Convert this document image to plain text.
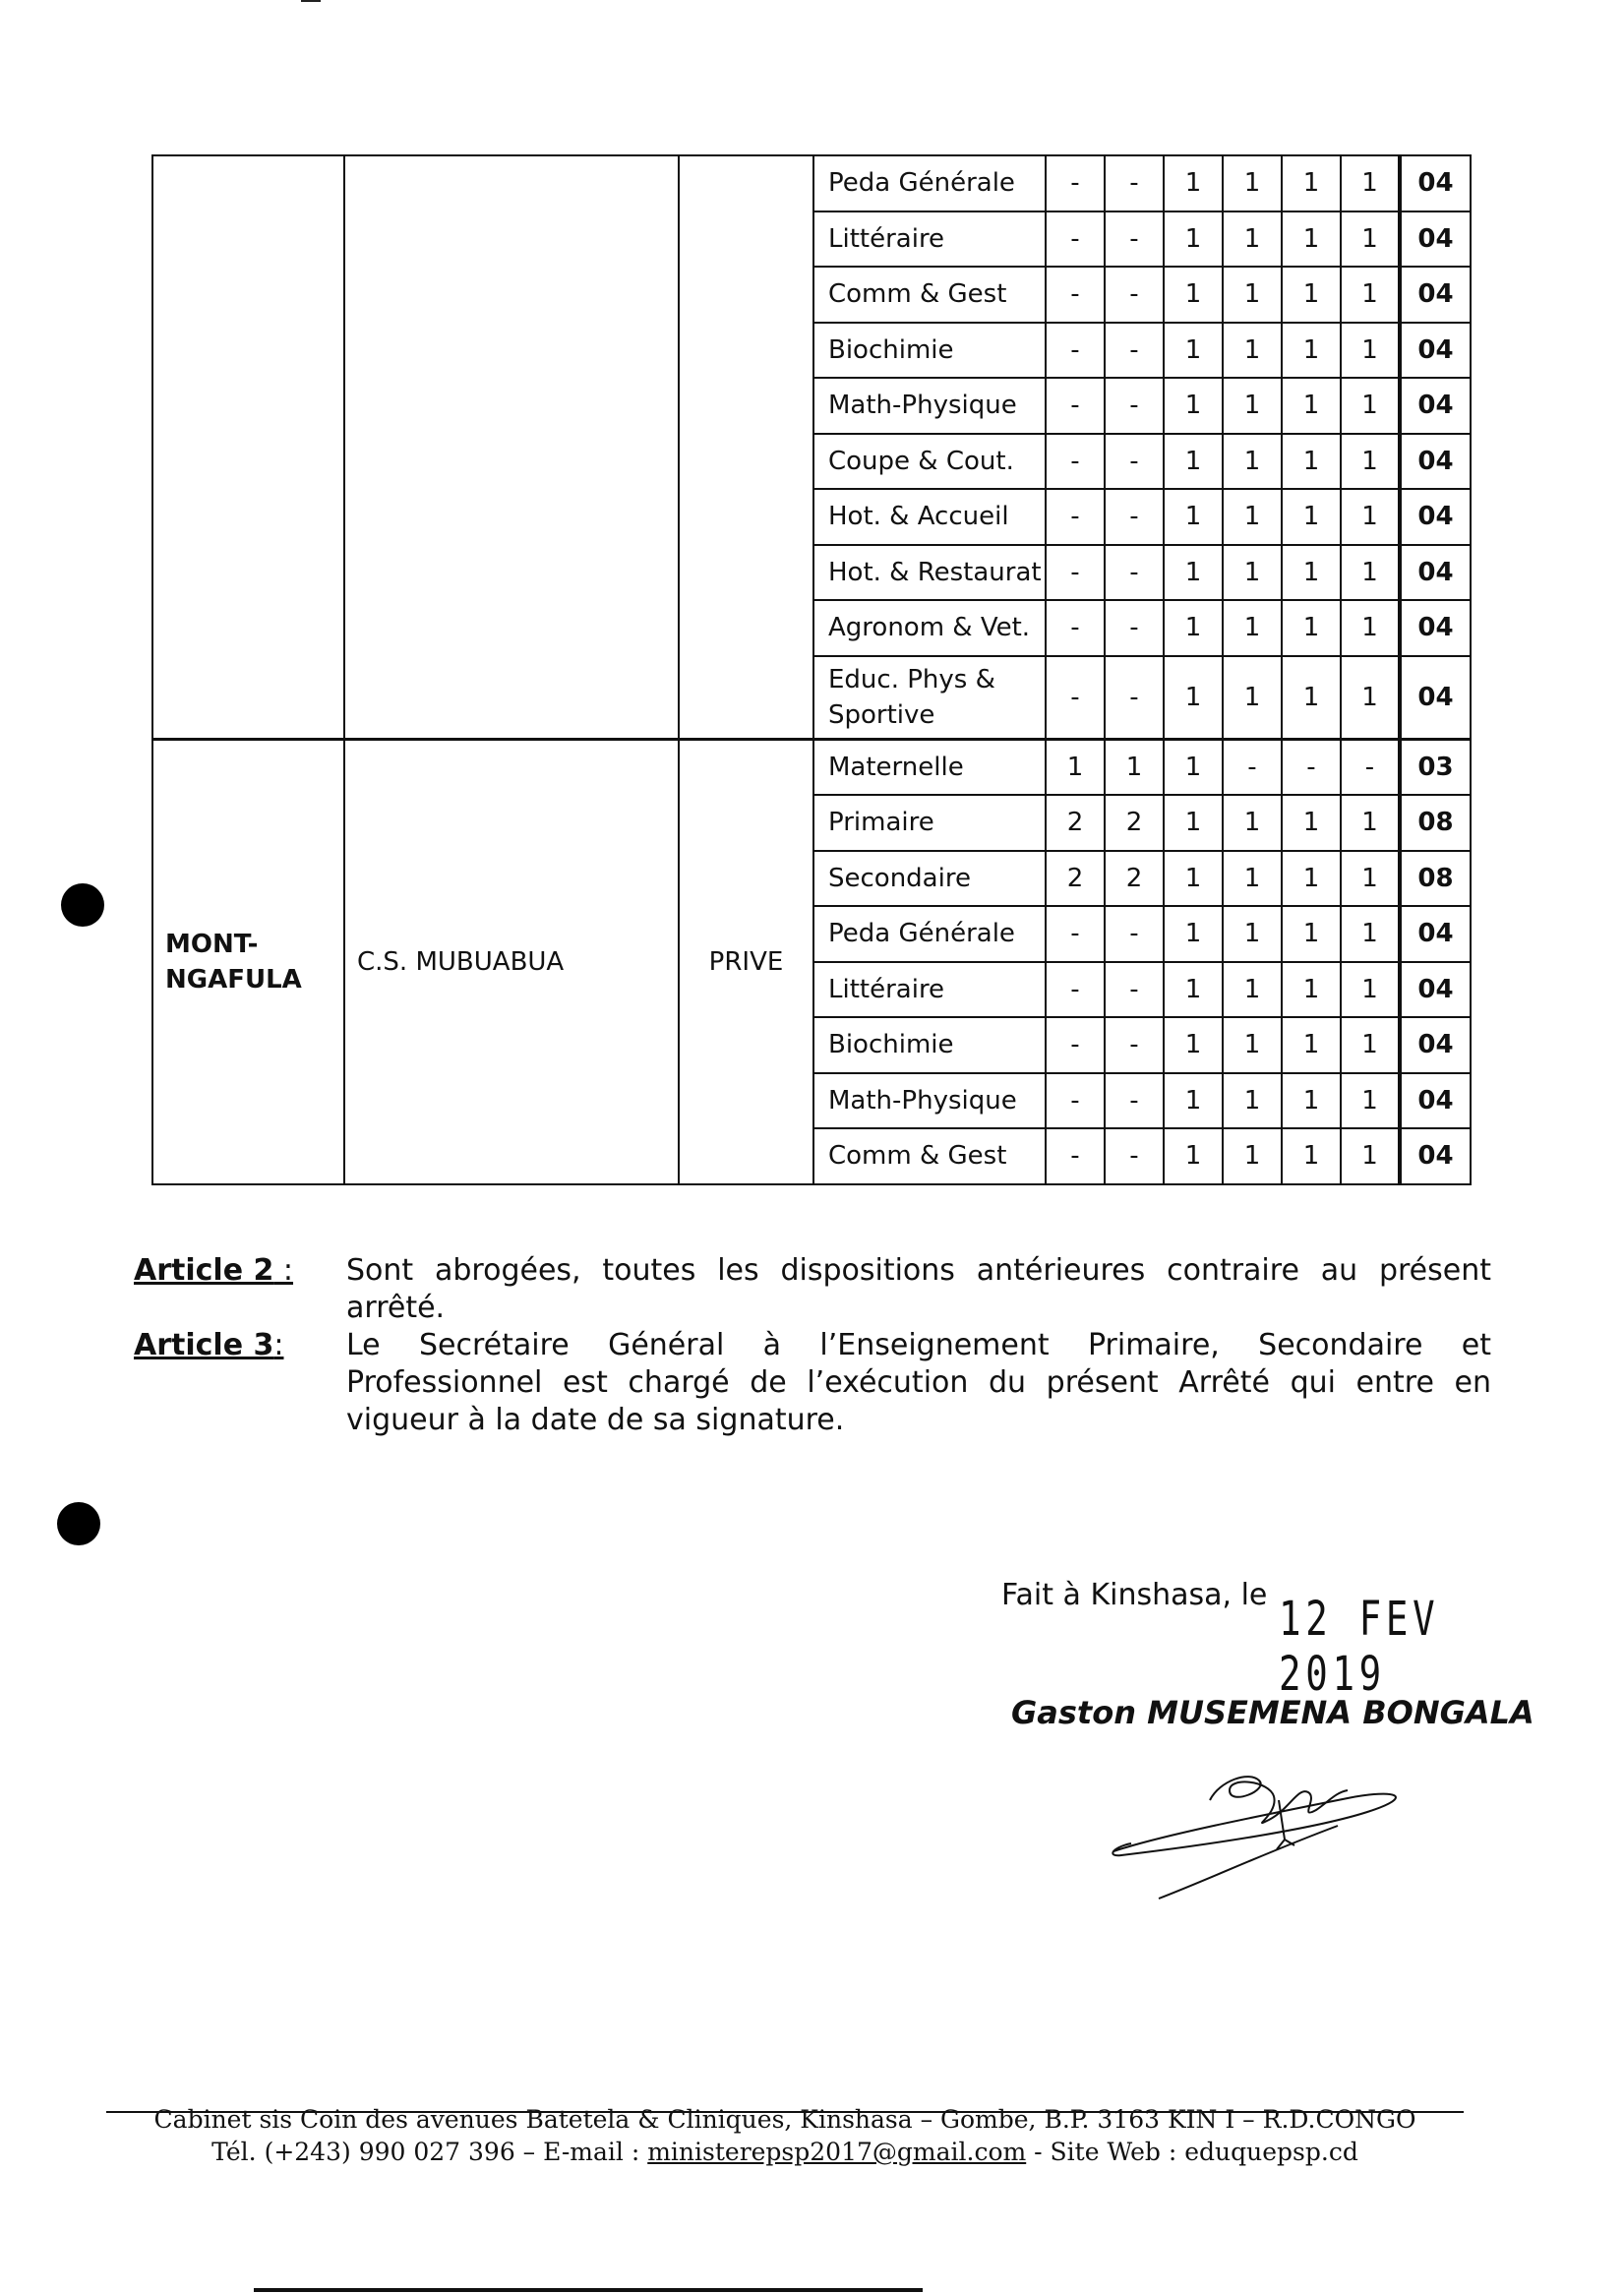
			Peda Générale	-	-	1	1	1	1	04
			Littéraire	-	-	1	1	1	1	04
			Comm & Gest	-	-	1	1	1	1	04
			Biochimie	-	-	1	1	1	1	04
			Math-Physique	-	-	1	1	1	1	04
			Coupe & Cout.	-	-	1	1	1	1	04
			Hot. & Accueil	-	-	1	1	1	1	04
			Hot. & Restaurat	-	-	1	1	1	1	04
			Agronom & Vet.	-	-	1	1	1	1	04
			Educ. Phys & Sportive	-	-	1	1	1	1	04
MONT-
NGAFULA	C.S. MUBUABUA	PRIVE	Maternelle	1	1	1	-	-	-	03
			Primaire	2	2	1	1	1	1	08
			Secondaire	2	2	1	1	1	1	08
			Peda Générale	-	-	1	1	1	1	04
			Littéraire	-	-	1	1	1	1	04
			Biochimie	-	-	1	1	1	1	04
			Math-Physique	-	-	1	1	1	1	04
			Comm & Gest	-	-	1	1	1	1	04
Article 2 : Sont abrogées, toutes les dispositions antérieures contraire au présent arrêté.
Article 3: Le Secrétaire Général à l’Enseignement Primaire, Secondaire et Professionnel est chargé de l’exécution du présent Arrêté qui entre en vigueur à la date de sa signature.
Fait à Kinshasa, le 12 FEV 2019
Gaston MUSEMENA BONGALA
Cabinet sis Coin des avenues Batetela & Cliniques, Kinshasa – Gombe, B.P. 3163 KIN I – R.D.CONGO
Tél. (+243) 990 027 396 – E-mail : ministerepsp2017@gmail.com - Site Web : eduquepsp.cd
